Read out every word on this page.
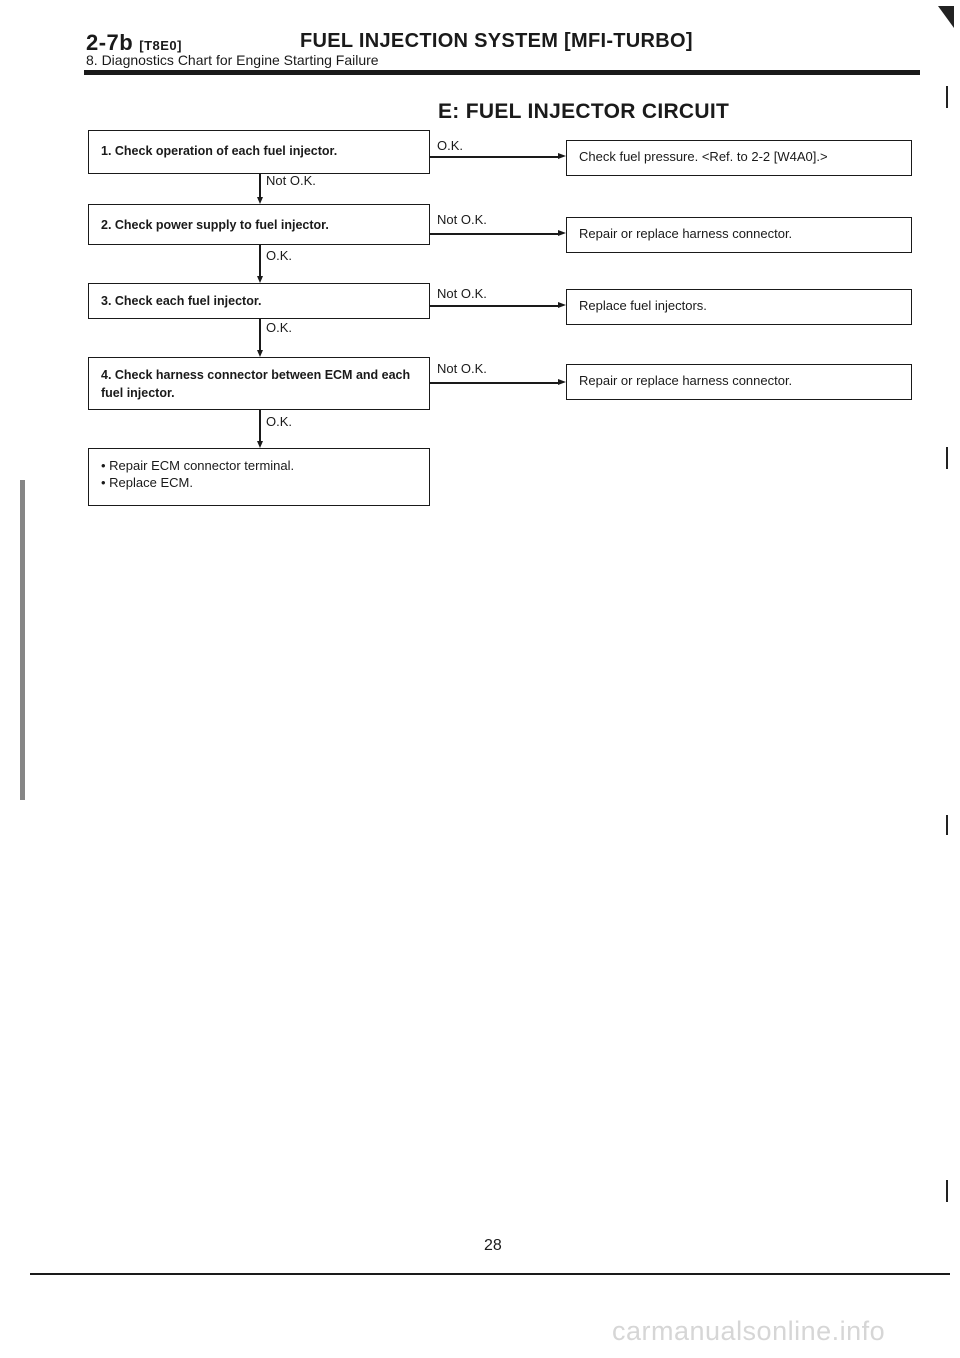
2-7b [T8E0]	FUEL INJECTION SYSTEM [MFI-TURBO]
8. Diagnostics Chart for Engine Starting Failure
E: FUEL INJECTOR CIRCUIT
1. Check operation of each fuel injector.
2. Check power supply to fuel injector.
3. Check each fuel injector.
4. Check harness connector between ECM and each fuel injector.
• Repair ECM connector terminal.
• Replace ECM.
Not O.K.
O.K.
O.K.
O.K.
O.K.
Not O.K.
Not O.K.
Not O.K.
Check fuel pressure. <Ref. to 2-2 [W4A0].>
Repair or replace harness connector.
Replace fuel injectors.
Repair or replace harness connector.
28
carmanualsonline.info
